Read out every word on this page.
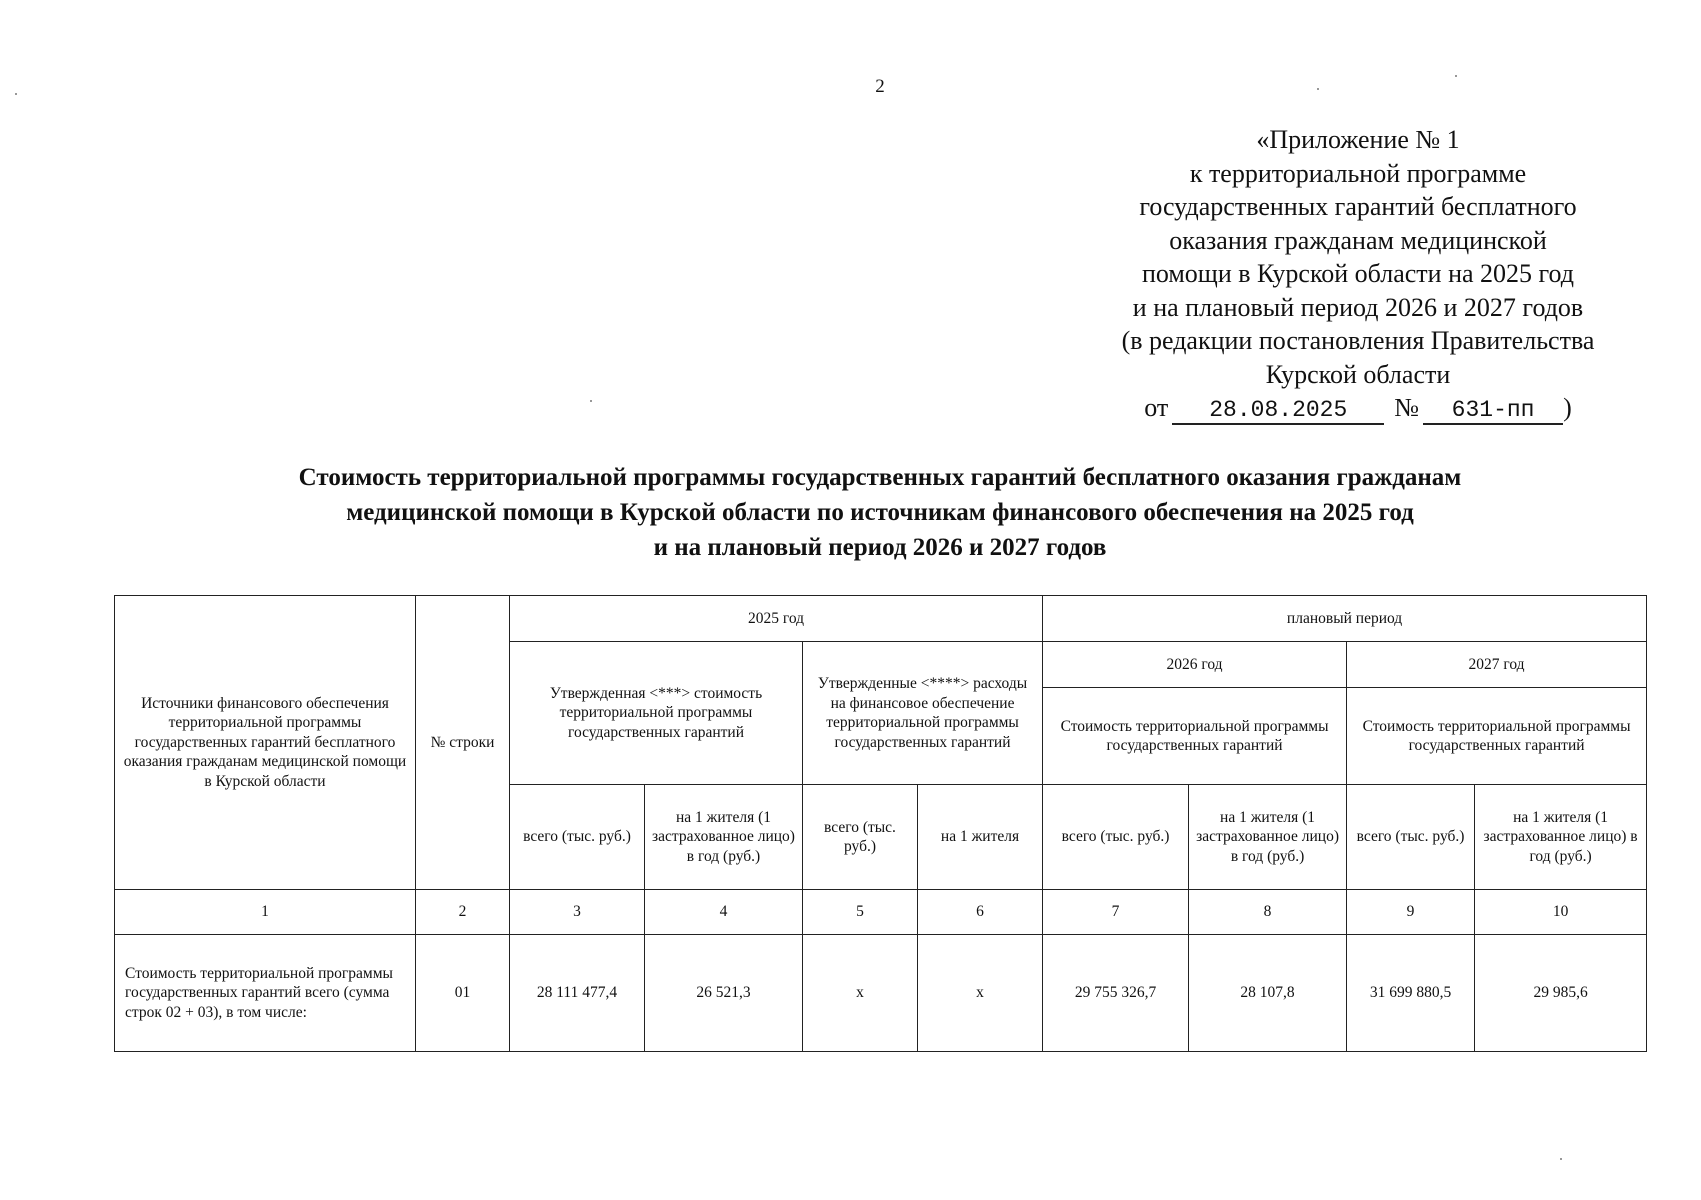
2
«Приложение № 1
к территориальной программе
государственных гарантий бесплатного
оказания гражданам медицинской
помощи в Курской области на 2025 год
и на плановый период 2026 и 2027 годов
(в редакции постановления Правительства
Курской области
от 28.08.2025 № 631-пп )
Стоимость территориальной программы государственных гарантий бесплатного оказания гражданам
медицинской помощи в Курской области по источникам финансового обеспечения на 2025 год
и на плановый период 2026 и 2027 годов
Источники финансового обеспечения территориальной программы государственных гарантий бесплатного оказания гражданам медицинской помощи в Курской области	№ строки	2025 год				плановый период			
		Утвержденная <***> стоимость территориальной программы государственных гарантий		Утвержденные <****> расходы на финансовое обеспечение территориальной программы государственных гарантий		2026 год		2027 год	
						Стоимость территориальной программы государственных гарантий		Стоимость территориальной программы государственных гарантий	
		всего (тыс. руб.)	на 1 жителя (1 застрахованное лицо) в год (руб.)	всего (тыс. руб.)	на 1 жителя	всего (тыс. руб.)	на 1 жителя (1 застрахованное лицо) в год (руб.)	всего (тыс. руб.)	на 1 жителя (1 застрахованное лицо) в год (руб.)
1	2	3	4	5	6	7	8	9	10
Стоимость территориальной программы государственных гарантий всего (сумма строк 02 + 03), в том числе:	01	28 111 477,4	26 521,3	x	x	29 755 326,7	28 107,8	31 699 880,5	29 985,6
